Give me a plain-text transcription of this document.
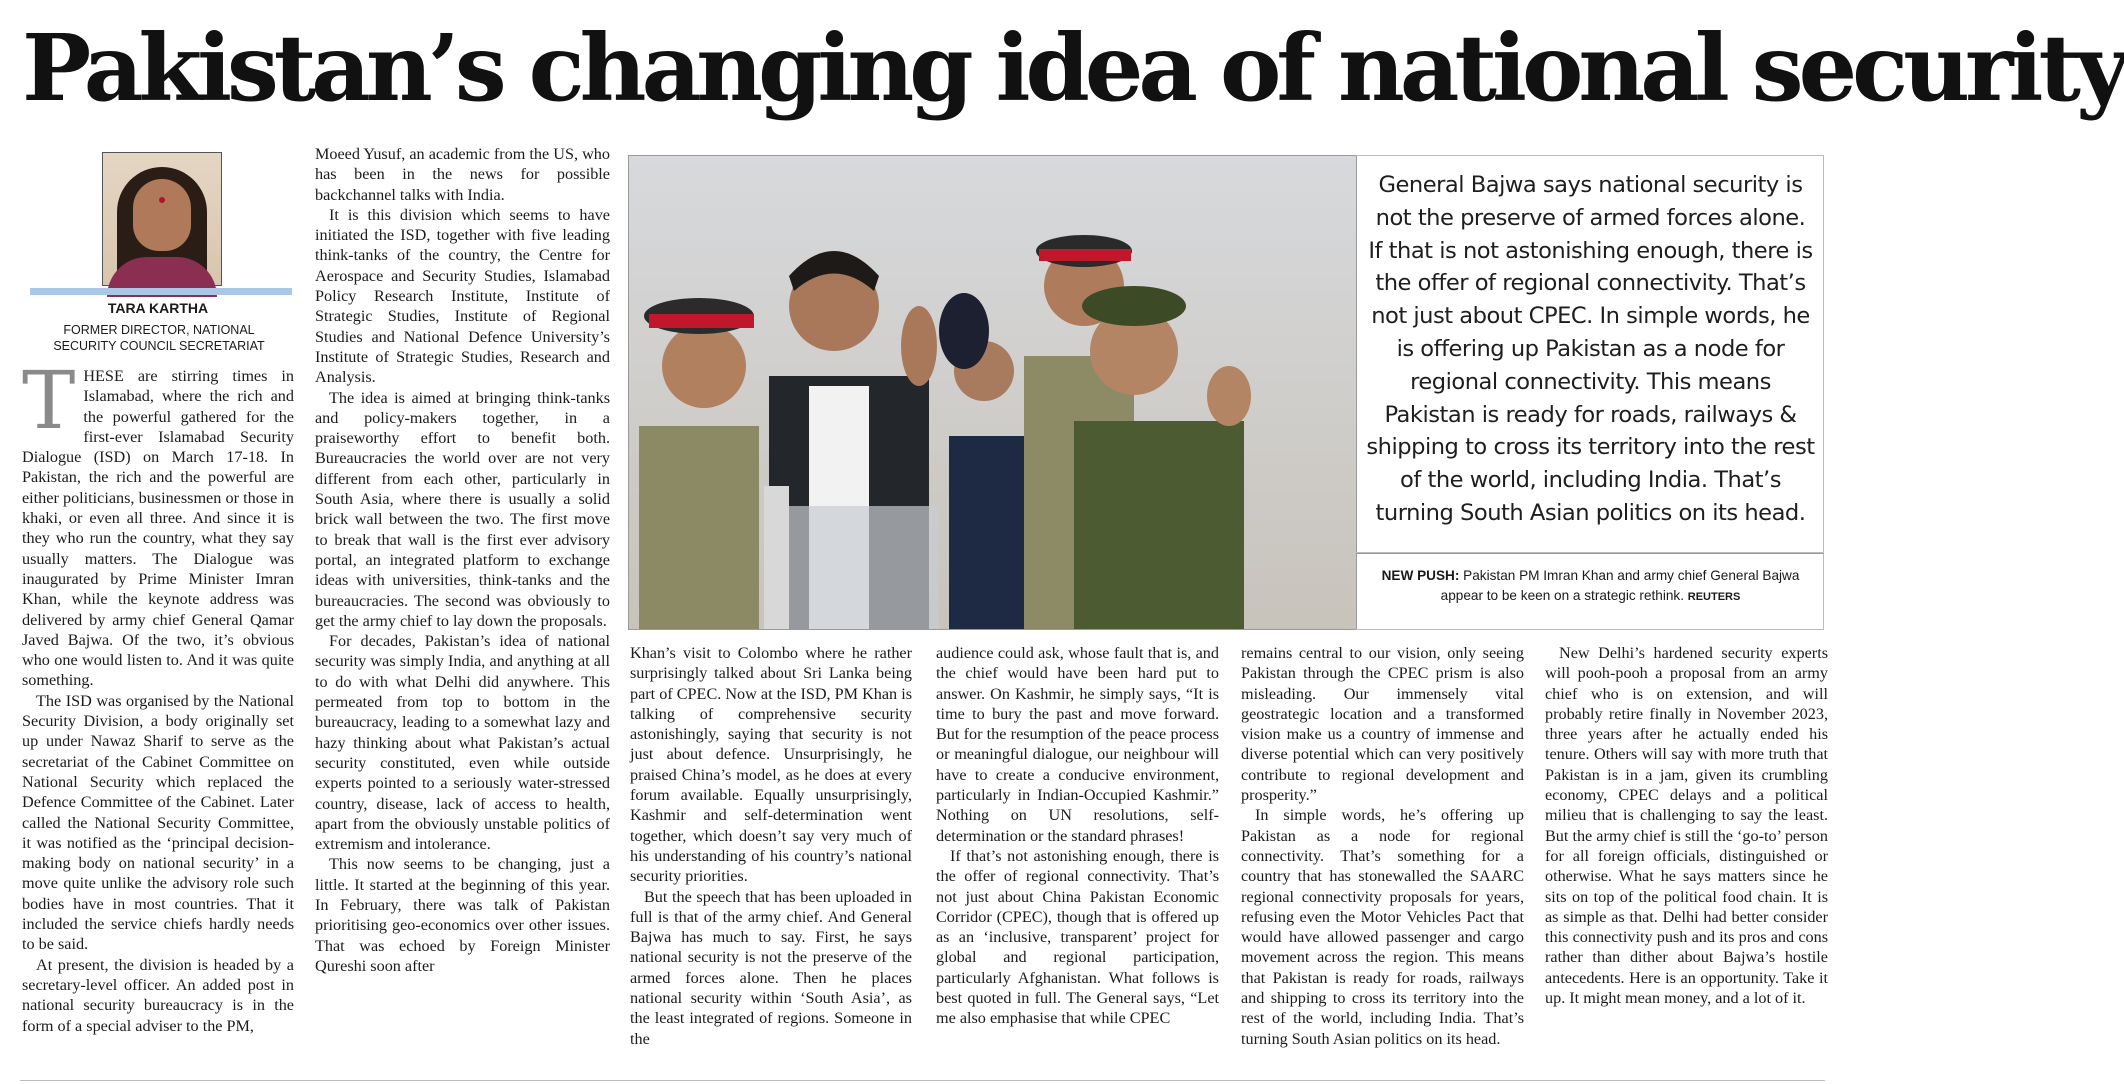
Pakistan’s changing idea of national security
TARA KARTHA
FORMER DIRECTOR, NATIONAL SECURITY COUNCIL SECRETARIAT

THESE are stirring times in Islamabad, where the rich and the powerful gathered for the first-ever Islamabad Security Dialogue (ISD) on March 17-18. In Pakistan, the rich and the powerful are either politicians, businessmen or those in khaki, or even all three. And since it is they who run the country, what they say usually matters. The Dialogue was inaugurated by Prime Minister Imran Khan, while the keynote address was delivered by army chief General Qamar Javed Bajwa. Of the two, it’s obvious who one would listen to. And it was quite something.

The ISD was organised by the National Security Division, a body originally set up under Nawaz Sharif to serve as the secretariat of the Cabinet Committee on National Security which replaced the Defence Committee of the Cabinet. Later called the National Security Committee, it was notified as the ‘principal decision-making body on national security’ in a move quite unlike the advisory role such bodies have in most countries. That it included the service chiefs hardly needs to be said.

At present, the division is headed by a secretary-level officer. An added post in national security bureaucracy is in the form of a special adviser to the PM,

Moeed Yusuf, an academic from the US, who has been in the news for possible backchannel talks with India.

It is this division which seems to have initiated the ISD, together with five leading think-tanks of the country, the Centre for Aerospace and Security Studies, Islamabad Policy Research Institute, Institute of Strategic Studies, Institute of Regional Studies and National Defence University’s Institute of Strategic Studies, Research and Analysis.

The idea is aimed at bringing think-tanks and policy-makers together, in a praiseworthy effort to benefit both. Bureaucracies the world over are not very different from each other, particularly in South Asia, where there is usually a solid brick wall between the two. The first move to break that wall is the first ever advisory portal, an integrated platform to exchange ideas with universities, think-tanks and the bureaucracies. The second was obviously to get the army chief to lay down the proposals.

For decades, Pakistan’s idea of national security was simply India, and anything at all to do with what Delhi did anywhere. This permeated from top to bottom in the bureaucracy, leading to a somewhat lazy and hazy thinking about what Pakistan’s actual security constituted, even while outside experts pointed to a seriously water-stressed country, disease, lack of access to health, apart from the obviously unstable politics of extremism and intolerance.

This now seems to be changing, just a little. It started at the beginning of this year. In February, there was talk of Pakistan prioritising geo-economics over other issues. That was echoed by Foreign Minister Qureshi soon after

General Bajwa says national security is not the preserve of armed forces alone. If that is not astonishing enough, there is the offer of regional connectivity. That’s not just about CPEC. In simple words, he is offering up Pakistan as a node for regional connectivity. This means Pakistan is ready for roads, railways & shipping to cross its territory into the rest of the world, including India. That’s turning South Asian politics on its head.
NEW PUSH: Pakistan PM Imran Khan and army chief General Bajwa appear to be keen on a strategic rethink. REUTERS

Khan’s visit to Colombo where he rather surprisingly talked about Sri Lanka being part of CPEC. Now at the ISD, PM Khan is talking of comprehensive security astonishingly, saying that security is not just about defence. Unsurprisingly, he praised China’s model, as he does at every forum available. Equally unsurprisingly, Kashmir and self-determination went together, which doesn’t say very much of his understanding of his country’s national security priorities.

But the speech that has been uploaded in full is that of the army chief. And General Bajwa has much to say. First, he says national security is not the preserve of the armed forces alone. Then he places national security within ‘South Asia’, as the least integrated of regions. Someone in the

audience could ask, whose fault that is, and the chief would have been hard put to answer. On Kashmir, he simply says, “It is time to bury the past and move forward. But for the resumption of the peace process or meaningful dialogue, our neighbour will have to create a conducive environment, particularly in Indian-Occupied Kashmir.” Nothing on UN resolutions, self-determination or the standard phrases!

If that’s not astonishing enough, there is the offer of regional connectivity. That’s not just about China Pakistan Economic Corridor (CPEC), though that is offered up as an ‘inclusive, transparent’ project for global and regional participation, particularly Afghanistan. What follows is best quoted in full. The General says, “Let me also emphasise that while CPEC

remains central to our vision, only seeing Pakistan through the CPEC prism is also misleading. Our immensely vital geostrategic location and a transformed vision make us a country of immense and diverse potential which can very positively contribute to regional development and prosperity.”

In simple words, he’s offering up Pakistan as a node for regional connectivity. That’s something for a country that has stonewalled the SAARC regional connectivity proposals for years, refusing even the Motor Vehicles Pact that would have allowed passenger and cargo movement across the region. This means that Pakistan is ready for roads, railways and shipping to cross its territory into the rest of the world, including India. That’s turning South Asian politics on its head.

New Delhi’s hardened security experts will pooh-pooh a proposal from an army chief who is on extension, and will probably retire finally in November 2023, three years after he actually ended his tenure. Others will say with more truth that Pakistan is in a jam, given its crumbling economy, CPEC delays and a political milieu that is challenging to say the least. But the army chief is still the ‘go-to’ person for all foreign officials, distinguished or otherwise. What he says matters since he sits on top of the political food chain. It is as simple as that. Delhi had better consider this connectivity push and its pros and cons rather than dither about Bajwa’s hostile antecedents. Here is an opportunity. Take it up. It might mean money, and a lot of it.
